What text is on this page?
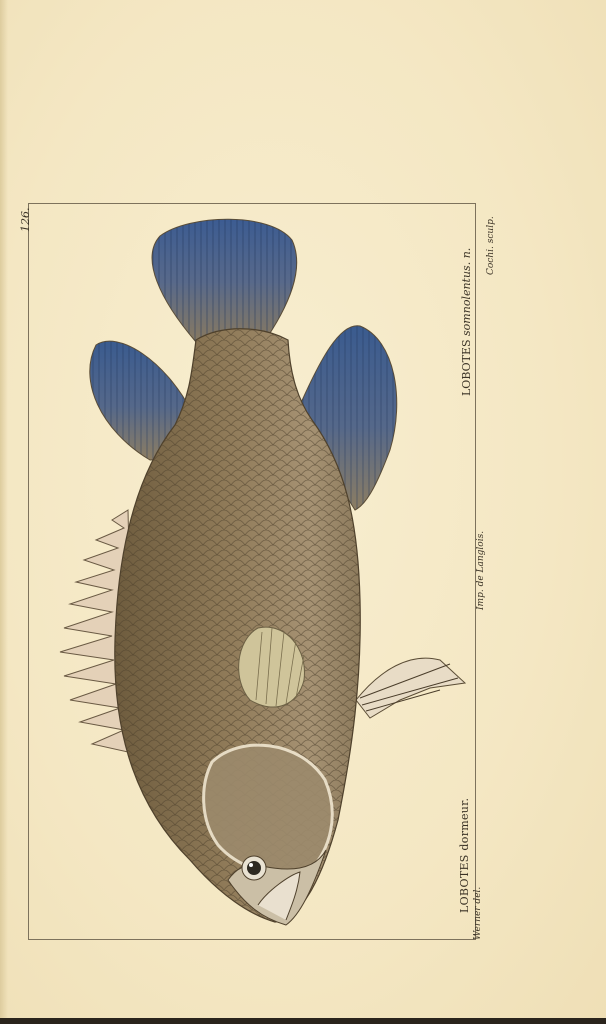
126.
LOBOTES dormeur.
LOBOTES somnolentus. n.
Werner del.
Imp. de Langlois.
Cochi. sculp.
